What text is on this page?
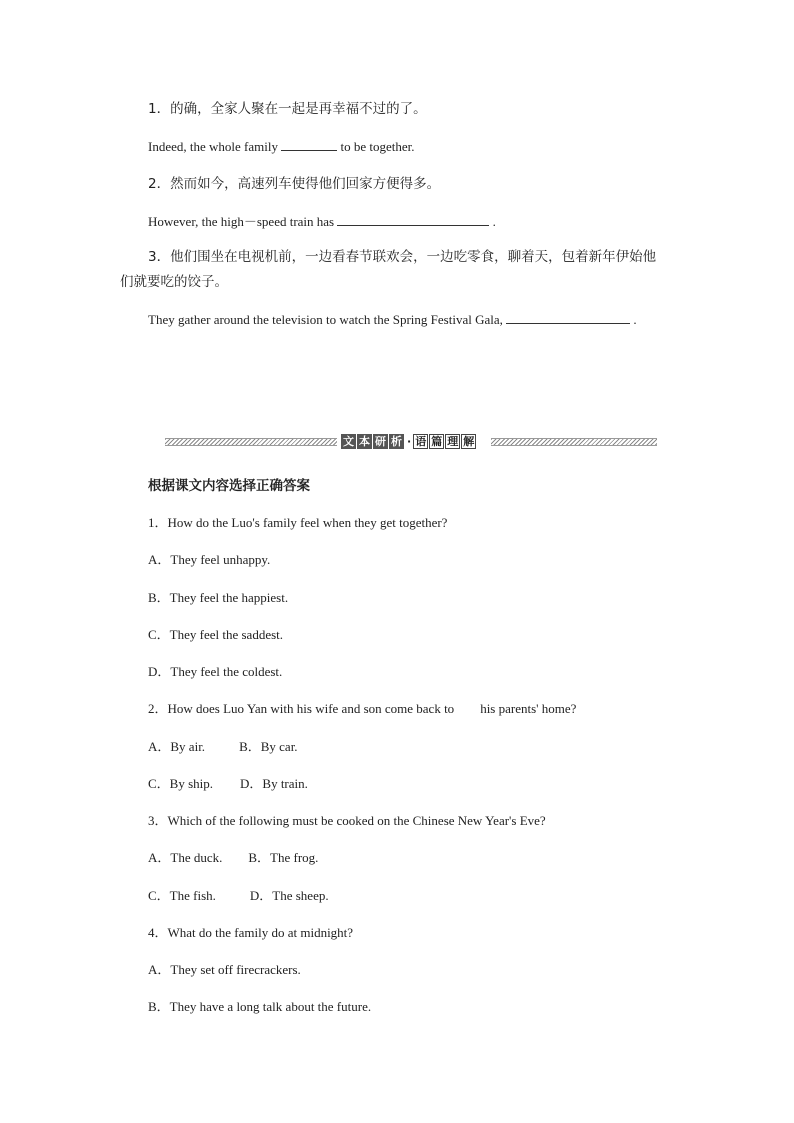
1．的确，全家人聚在一起是再幸福不过的了。
Indeed, the whole family	to be together.
2．然而如今，高速列车使得他们回家方便得多。
However, the high－speed train has	.
3．他们围坐在电视机前，一边看春节联欢会，一边吃零食，聊着天，包着新年伊始他
们就要吃的饺子。
They gather around the television to watch the Spring Festival Gala,	.
文 本 研 析 · 语 篇 理 解
根据课文内容选择正确答案
1．How do the Luo's family feel when they get together?
A．They feel unhappy.
B．They feel the happiest.
C．They feel the saddest.
D．They feel the coldest.
2．How does Luo Yan with his wife and son come back to his parents' home?
A．By air.	B．By car.
C．By ship. D．By train.
3．Which of the following must be cooked on the Chinese New Year's Eve?
A．The duck. B．The frog.
C．The fish.	D．The sheep.
4．What do the family do at midnight?
A．They set off firecrackers.
B．They have a long talk about the future.
